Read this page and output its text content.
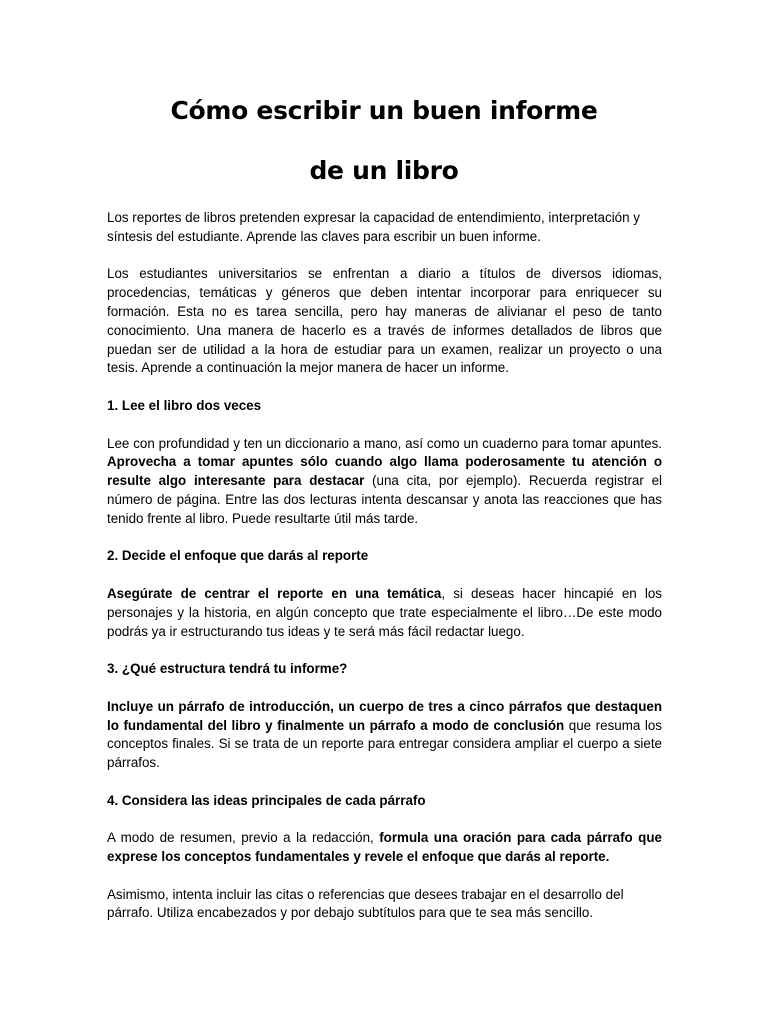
Cómo escribir un buen informe
de un libro

Los reportes de libros pretenden expresar la capacidad de entendimiento, interpretación y síntesis del estudiante. Aprende las claves para escribir un buen informe.

Los estudiantes universitarios se enfrentan a diario a títulos de diversos idiomas, procedencias, temáticas y géneros que deben intentar incorporar para enriquecer su formación. Esta no es tarea sencilla, pero hay maneras de alivianar el peso de tanto conocimiento. Una manera de hacerlo es a través de informes detallados de libros que puedan ser de utilidad a la hora de estudiar para un examen, realizar un proyecto o una tesis. Aprende a continuación la mejor manera de hacer un informe.

1. Lee el libro dos veces

Lee con profundidad y ten un diccionario a mano, así como un cuaderno para tomar apuntes. Aprovecha a tomar apuntes sólo cuando algo llama poderosamente tu atención o resulte algo interesante para destacar (una cita, por ejemplo). Recuerda registrar el número de página. Entre las dos lecturas intenta descansar y anota las reacciones que has tenido frente al libro. Puede resultarte útil más tarde.

2. Decide el enfoque que darás al reporte

Asegúrate de centrar el reporte en una temática, si deseas hacer hincapié en los personajes y la historia, en algún concepto que trate especialmente el libro…De este modo podrás ya ir estructurando tus ideas y te será más fácil redactar luego.

3. ¿Qué estructura tendrá tu informe?

Incluye un párrafo de introducción, un cuerpo de tres a cinco párrafos que destaquen lo fundamental del libro y finalmente un párrafo a modo de conclusión que resuma los conceptos finales. Si se trata de un reporte para entregar considera ampliar el cuerpo a siete párrafos.

4. Considera las ideas principales de cada párrafo

A modo de resumen, previo a la redacción, formula una oración para cada párrafo que exprese los conceptos fundamentales y revele el enfoque que darás al reporte.

Asimismo, intenta incluir las citas o referencias que desees trabajar en el desarrollo del párrafo. Utiliza encabezados y por debajo subtítulos para que te sea más sencillo.
